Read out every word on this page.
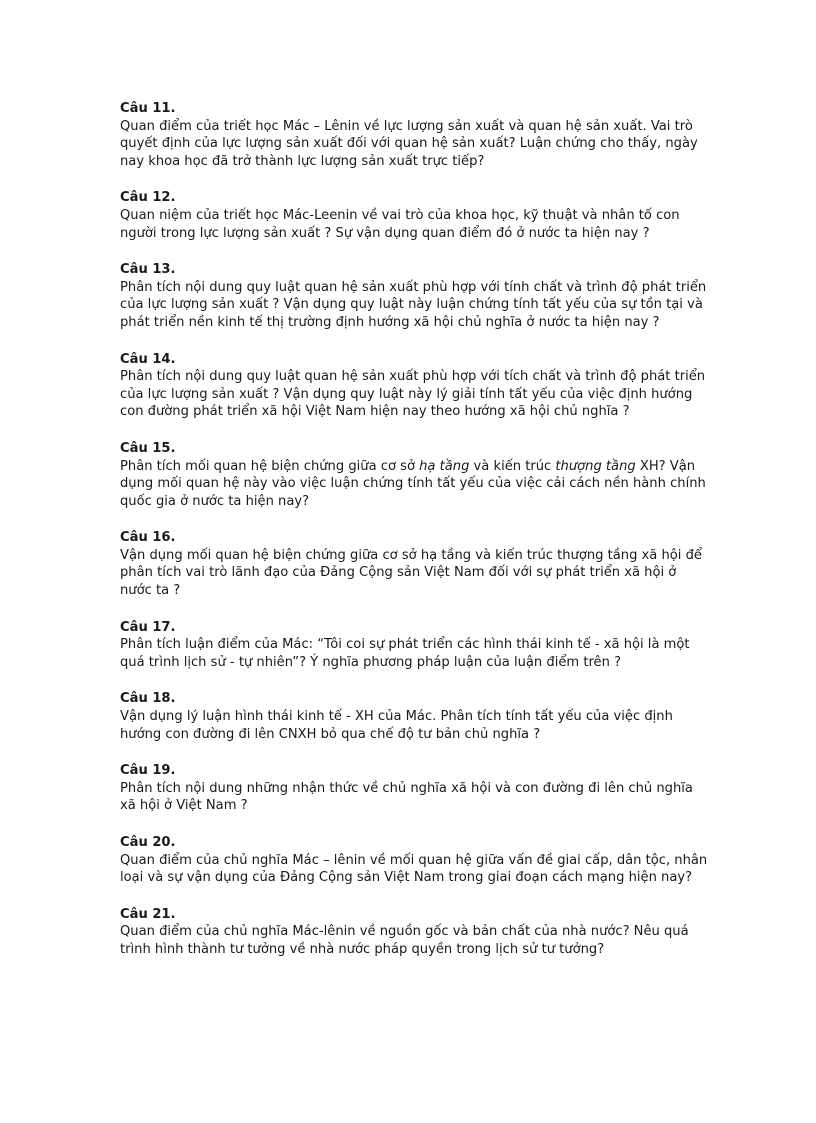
Câu 11.
Quan điểm của triết học Mác – Lênin về lực lượng sản xuất và quan hệ sản xuất. Vai trò quyết định của lực lượng sản xuất đối với quan hệ sản xuất? Luận chứng cho thấy, ngày nay khoa học đã trở thành lực lượng sản xuất trực tiếp?
Câu 12.
Quan niệm của triết học Mác-Leenin về vai trò của khoa học, kỹ thuật và nhân tố con người trong lực lượng sản xuất ? Sự vận dụng quan điểm đó ở nước ta hiện nay ?
Câu 13.
Phân tích nội dung quy luật quan hệ sản xuất phù hợp với tính chất và trình độ phát triển của lực lượng sản xuất ? Vận dụng quy luật này luận chứng tính tất yếu của sự tồn tại và phát triển nền kinh tế thị trường định hướng xã hội chủ nghĩa ở nước ta hiện nay ?
Câu 14.
Phân tích nội dung quy luật quan hệ sản xuất phù hợp với tích chất và trình độ phát triển của lực lượng sản xuất ? Vận dụng quy luật này lý giải tính tất yếu của việc định hướng con đường phát triển xã hội Việt Nam hiện nay theo hướng xã hội chủ nghĩa ?
Câu 15.
Phân tích mối quan hệ biện chứng giữa cơ sở hạ tầng và kiến trúc thượng tầng XH? Vận dụng mối quan hệ này vào việc luận chứng tính tất yếu của việc cải cách nền hành chính quốc gia ở nước ta hiện nay?
Câu 16.
Vận dụng mối quan hệ biện chứng giữa cơ sở hạ tầng và kiến trúc thượng tầng xã hội để phân tích vai trò lãnh đạo của Đảng Cộng sản Việt Nam đối với sự phát triển xã hội ở nước ta ?
Câu 17.
Phân tích luận điểm của Mác: “Tôi coi sự phát triển các hình thái kinh tế - xã hội là một quá trình lịch sử - tự nhiên”? Ý nghĩa phương pháp luận của luận điểm trên ?
Câu 18.
Vận dụng lý luận hình thái kinh tế - XH của Mác. Phân tích tính tất yếu của việc định hướng con đường đi lên CNXH bỏ qua chế độ tư bản chủ nghĩa ?
Câu 19.
Phân tích nội dung những nhận thức về chủ nghĩa xã hội và con đường đi lên chủ nghĩa xã hội ở Việt Nam ?
Câu 20.
Quan điểm của chủ nghĩa Mác – lênin về mối quan hệ giữa vấn đề giai cấp, dân tộc, nhân loại và sự vận dụng của Đảng Cộng sản Việt Nam trong giai đoạn cách mạng hiện nay?
Câu 21.
Quan điểm của chủ nghĩa Mác-lênin về nguồn gốc và bản chất của nhà nước? Nêu quá trình hình thành tư tưởng về nhà nước pháp quyền trong lịch sử tư tưởng?
